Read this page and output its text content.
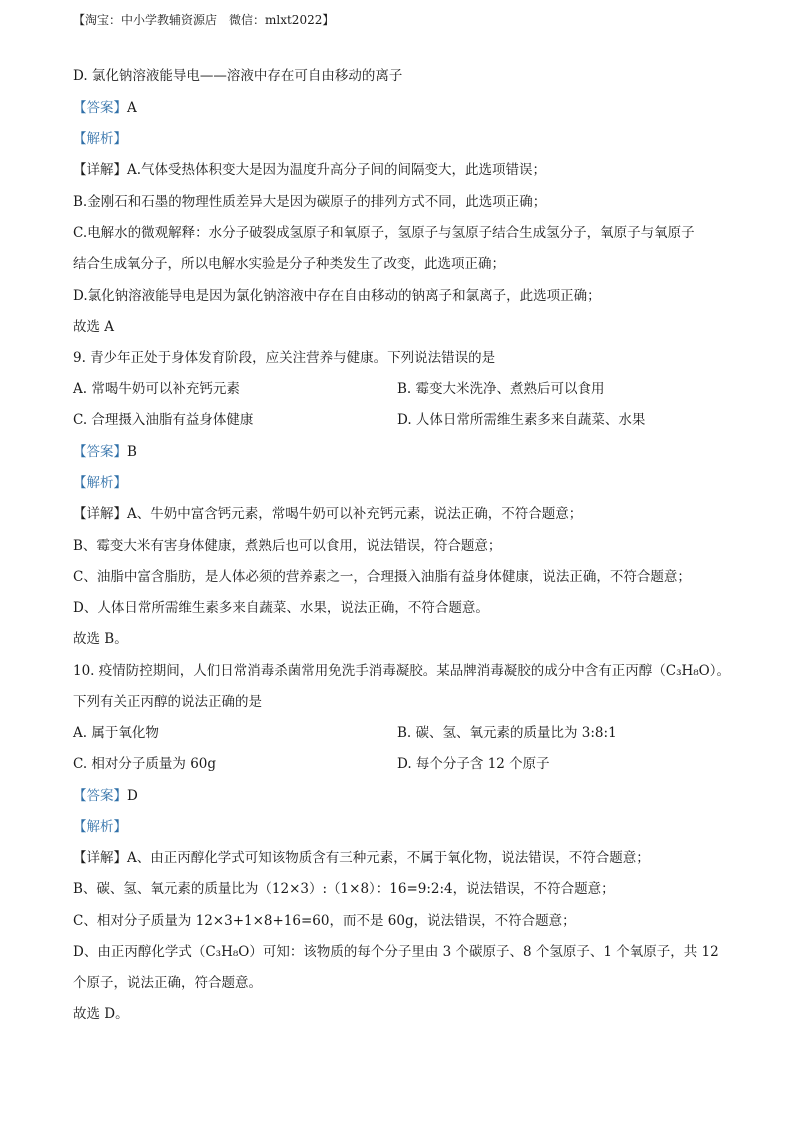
【淘宝：中小学教辅资源店　微信：mlxt2022】
D. 氯化钠溶液能导电——溶液中存在可自由移动的离子
【答案】A
【解析】
【详解】A.气体受热体积变大是因为温度升高分子间的间隔变大，此选项错误；
B.金刚石和石墨的物理性质差异大是因为碳原子的排列方式不同，此选项正确；
C.电解水的微观解释：水分子破裂成氢原子和氧原子，氢原子与氢原子结合生成氢分子，氧原子与氧原子
结合生成氧分子，所以电解水实验是分子种类发生了改变，此选项正确；
D.氯化钠溶液能导电是因为氯化钠溶液中存在自由移动的钠离子和氯离子，此选项正确；
故选 A
9. 青少年正处于身体发育阶段，应关注营养与健康。下列说法错误的是
A. 常喝牛奶可以补充钙元素	B. 霉变大米洗净、煮熟后可以食用
C. 合理摄入油脂有益身体健康	D. 人体日常所需维生素多来自蔬菜、水果
【答案】B
【解析】
【详解】A、牛奶中富含钙元素，常喝牛奶可以补充钙元素，说法正确，不符合题意；
B、霉变大米有害身体健康，煮熟后也可以食用，说法错误，符合题意；
C、油脂中富含脂肪，是人体必须的营养素之一，合理摄入油脂有益身体健康，说法正确，不符合题意；
D、人体日常所需维生素多来自蔬菜、水果，说法正确，不符合题意。
故选 B。
10. 疫情防控期间，人们日常消毒杀菌常用免洗手消毒凝胶。某品牌消毒凝胶的成分中含有正丙醇（C₃H₈O）。
下列有关正丙醇的说法正确的是
A. 属于氧化物	B. 碳、氢、氧元素的质量比为 3:8:1
C. 相对分子质量为 60g	D. 每个分子含 12 个原子
【答案】D
【解析】
【详解】A、由正丙醇化学式可知该物质含有三种元素，不属于氧化物，说法错误，不符合题意；
B、碳、氢、氧元素的质量比为（12×3）:（1×8）：16=9:2:4，说法错误，不符合题意；
C、相对分子质量为 12×3+1×8+16=60，而不是 60g，说法错误，不符合题意；
D、由正丙醇化学式（C₃H₈O）可知：该物质的每个分子里由 3 个碳原子、8 个氢原子、1 个氧原子，共 12
个原子，说法正确，符合题意。
故选 D。
